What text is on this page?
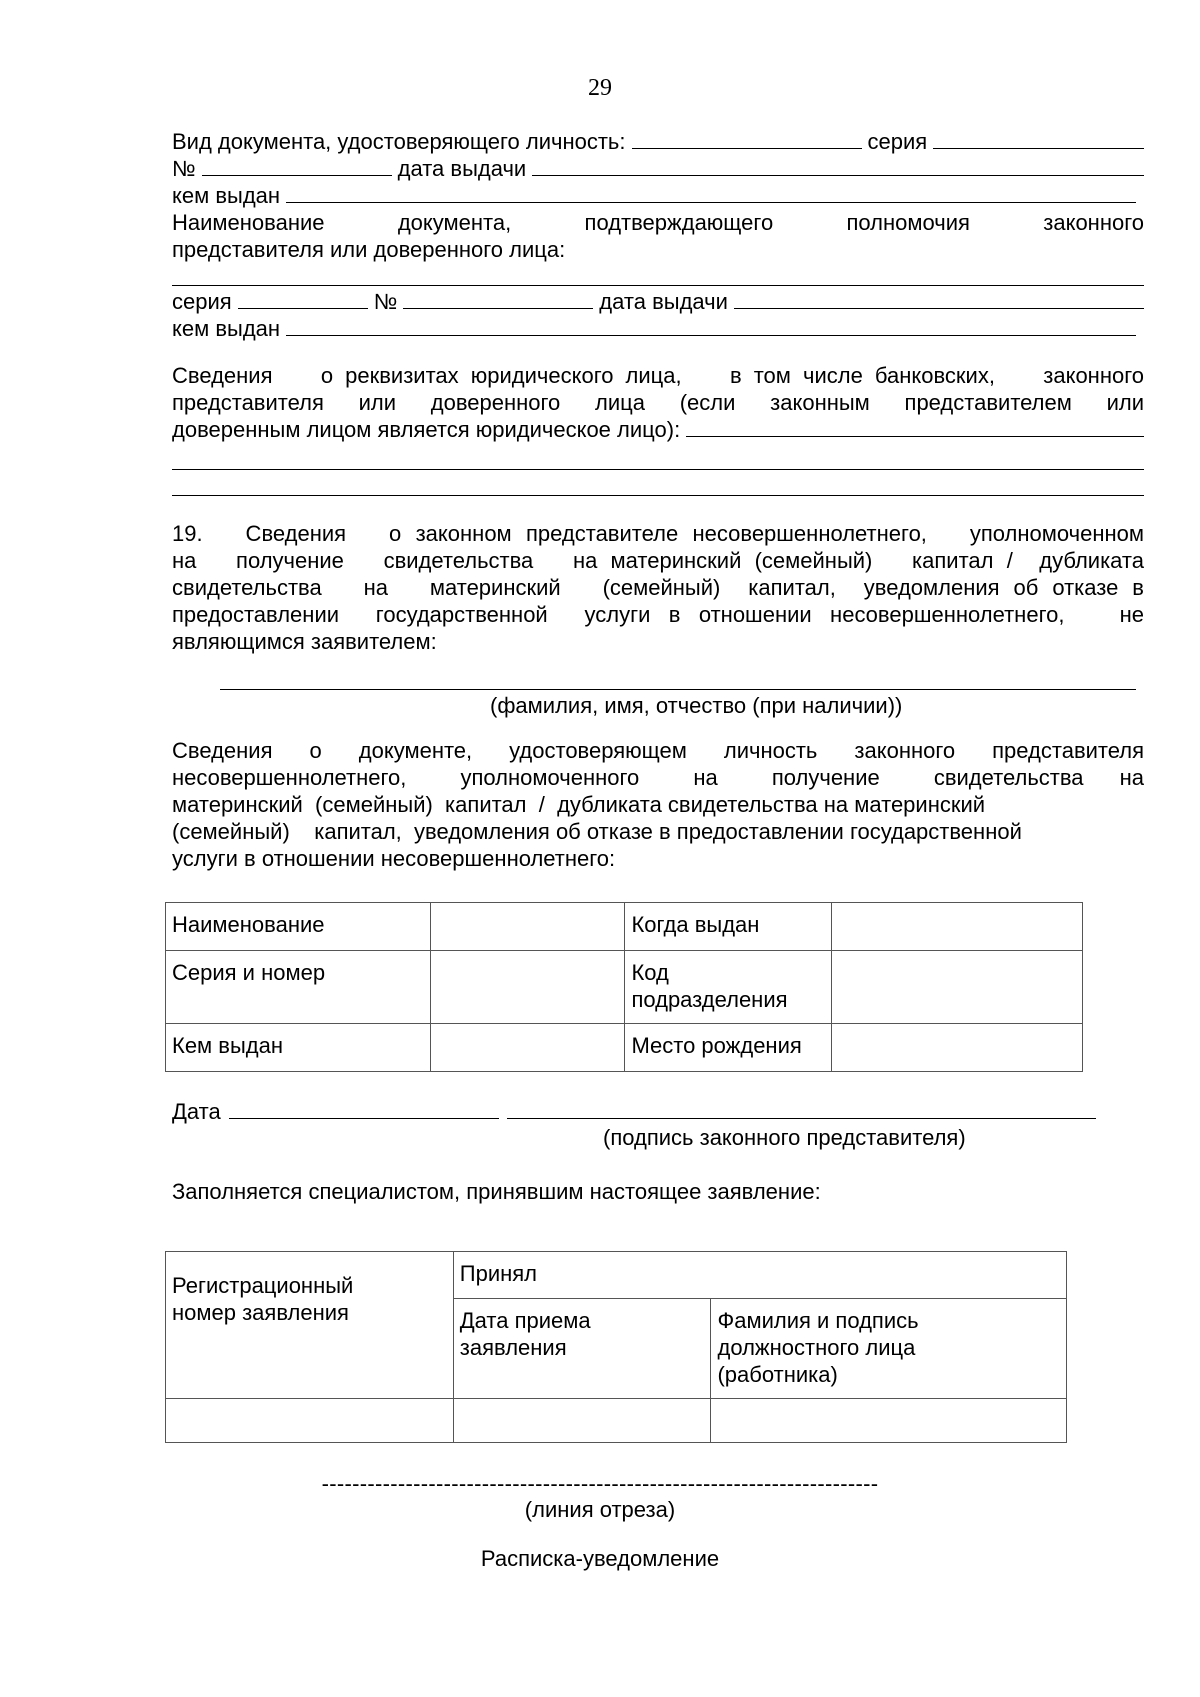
29
Вид документа, удостоверяющего личность:	серия
№	дата выдачи
кем выдан
Наименование	документа,	подтверждающего	полномочия	законного
представителя или доверенного лица:
серия	№	дата выдачи
кем выдан
Сведения    о реквизитах юридического лица,    в том числе банковских,    законного
представителя  или  доверенного  лица  (если  законным  представителем  или
доверенным лицом является юридическое лицо):
19.   Сведения   о законном представителе несовершеннолетнего,   уполномоченном
на   получение   свидетельства   на материнский (семейный)   капитал /  дубликата
свидетельства   на   материнский   (семейный)  капитал,  уведомления об отказе в
предоставлении  государственной  услуги в отношении несовершеннолетнего,   не
являющимся заявителем:
(фамилия, имя, отчество (при наличии))
Сведения  о  документе,  удостоверяющем  личность  законного  представителя
несовершеннолетнего,   уполномоченного   на   получение   свидетельства  на
материнский  (семейный)  капитал  /  дубликата свидетельства на материнский
(семейный)    капитал,  уведомления об отказе в предоставлении государственной
услуги в отношении несовершеннолетнего:
Наименование		Когда выдан	
Серия и номер		Код подразделения	
Кем выдан		Место рождения	
Дата
(подпись законного представителя)
Заполняется специалистом, принявшим настоящее заявление:
Регистрационный номер заявления	Принял	
	Дата приема заявления	Фамилия и подпись должностного лица (работника)

-------------------------------------------------------------------------
(линия отреза)
Расписка-уведомление
